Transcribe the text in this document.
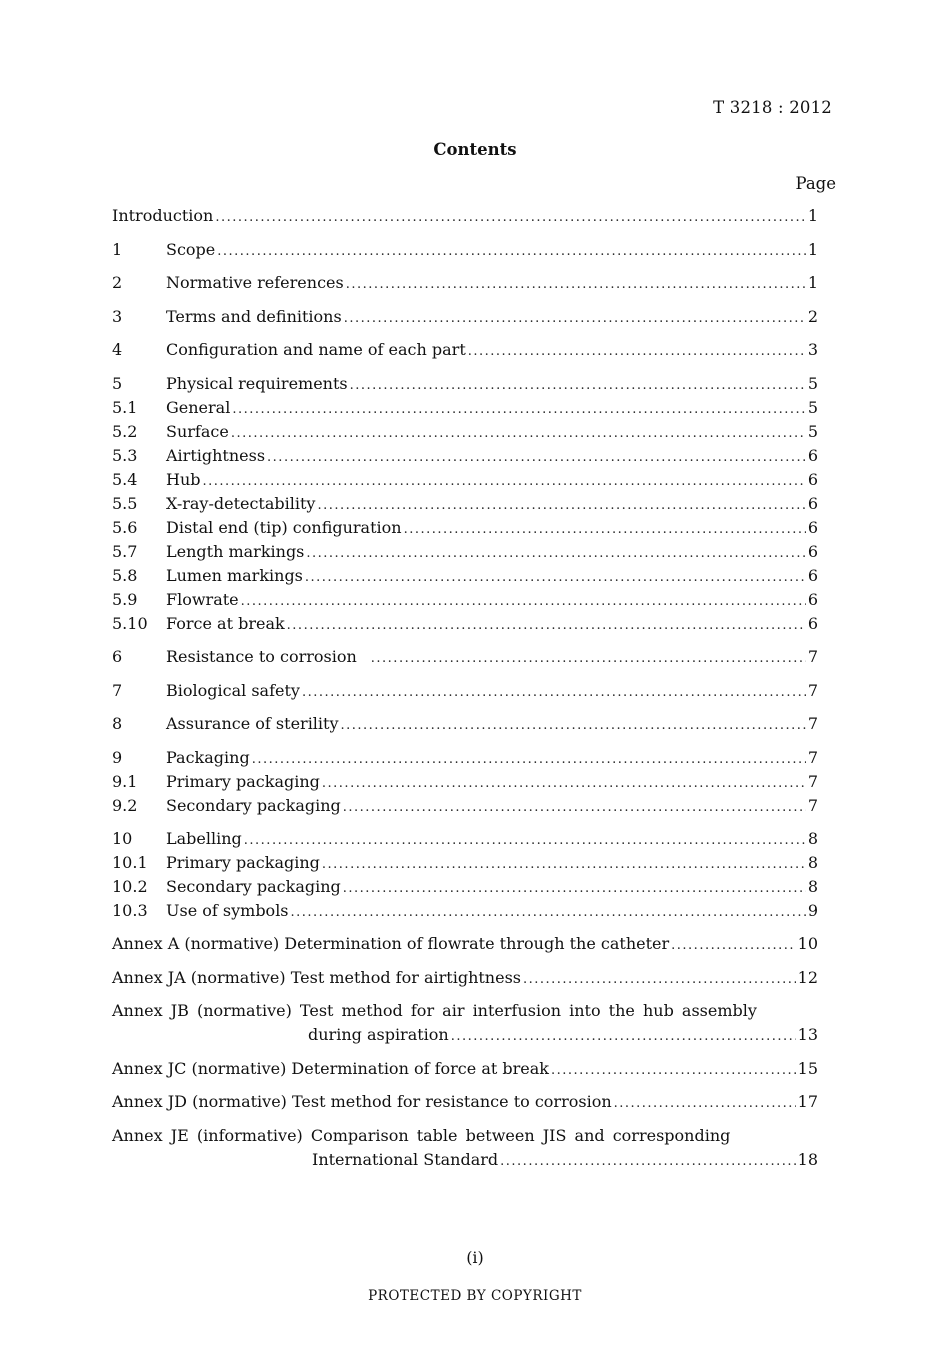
T 3218 : 2012
Contents
Page
Introduction .....	1
1	Scope .....	1
2	Normative references .....	1
3	Terms and definitions .....	2
4	Configuration and name of each part .....	3
5	Physical requirements .....	5
5.1	General .....	5
5.2	Surface .....	5
5.3	Airtightness .....	6
5.4	Hub .....	6
5.5	X-ray-detectability .....	6
5.6	Distal end (tip) configuration .....	6
5.7	Length markings .....	6
5.8	Lumen markings .....	6
5.9	Flowrate .....	6
5.10	Force at break .....	6
6	Resistance to corrosion .....	7
7	Biological safety .....	7
8	Assurance of sterility .....	7
9	Packaging .....	7
9.1	Primary packaging .....	7
9.2	Secondary packaging .....	7
10	Labelling .....	8
10.1	Primary packaging .....	8
10.2	Secondary packaging .....	8
10.3	Use of symbols .....	9
Annex A (normative) Determination of flowrate through the catheter .....	10
Annex JA (normative) Test method for airtightness .....	12
Annex JB (normative) Test method for air interfusion into the hub assembly
during aspiration .....	13
Annex JC (normative) Determination of force at break .....	15
Annex JD (normative) Test method for resistance to corrosion .....	17
Annex JE (informative) Comparison table between JIS and corresponding
International Standard .....	18
(i)
PROTECTED BY COPYRIGHT
